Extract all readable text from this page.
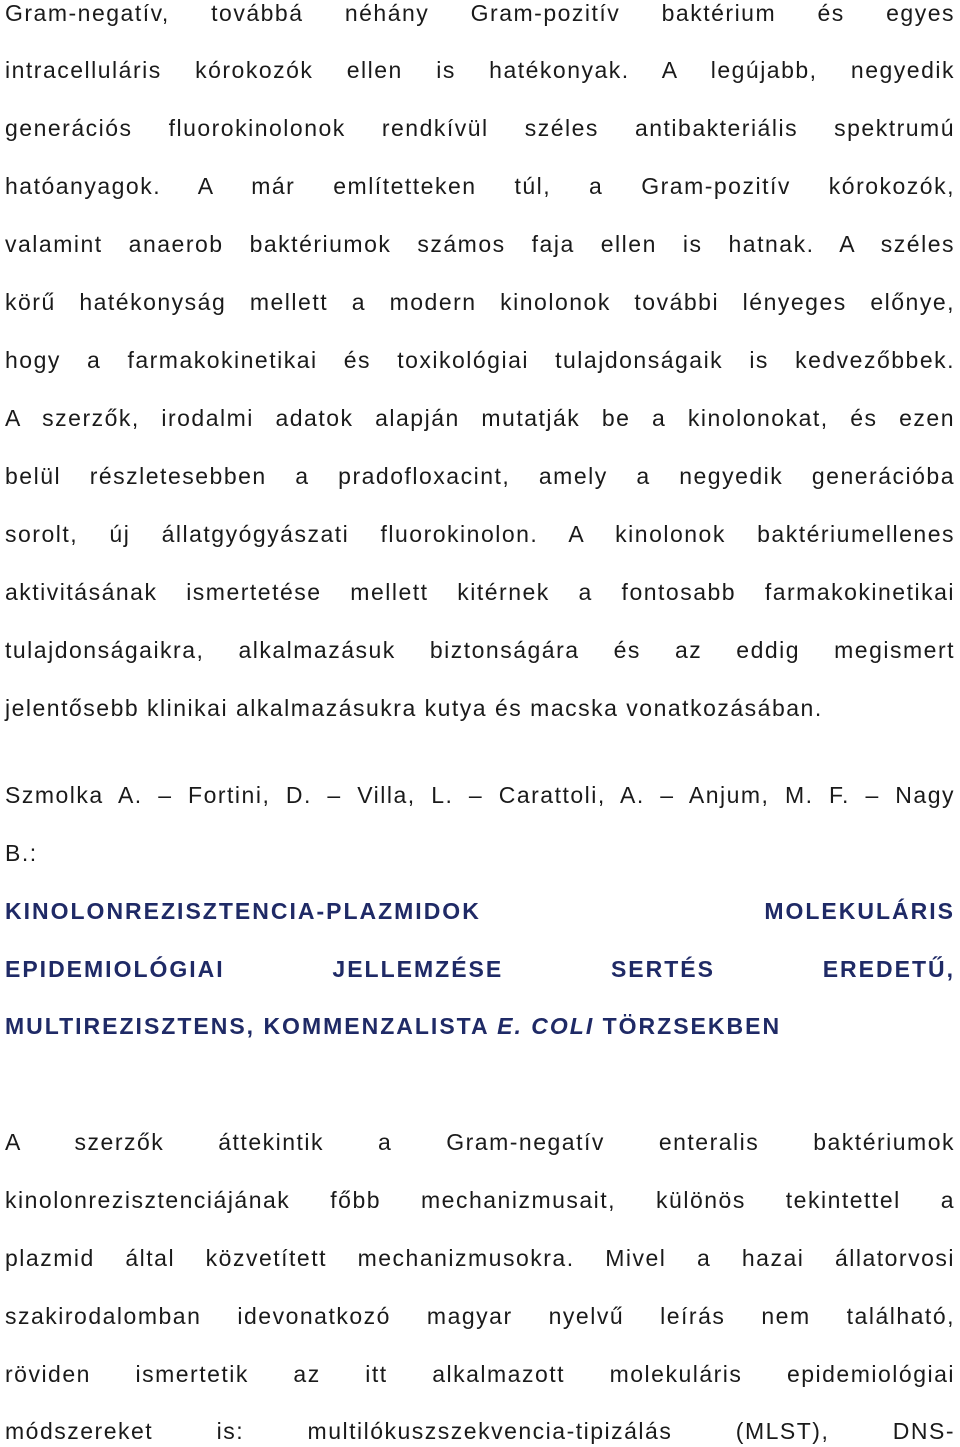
Gram-negatív, továbbá néhány Gram-pozitív baktérium és egyes
intracelluláris kórokozók ellen is hatékonyak. A legújabb, negyedik
generációs fluorokinolonok rendkívül széles antibakteriális spektrumú
hatóanyagok. A már említetteken túl, a Gram-pozitív kórokozók,
valamint anaerob baktériumok számos faja ellen is hatnak. A széles
körű hatékonyság mellett a modern kinolonok további lényeges előnye,
hogy a farmakokinetikai és toxikológiai tulajdonságaik is kedvezőbbek.
A szerzők, irodalmi adatok alapján mutatják be a kinolonokat, és ezen
belül részletesebben a pradofloxacint, amely a negyedik generációba
sorolt, új állatgyógyászati fluorokinolon. A kinolonok baktériumellenes
aktivitásának ismertetése mellett kitérnek a fontosabb farmakokinetikai
tulajdonságaikra, alkalmazásuk biztonságára és az eddig megismert
jelentősebb klinikai alkalmazásukra kutya és macska vonatkozásában.
Szmolka A. – Fortini, D. – Villa, L. – Carattoli, A. – Anjum, M. F. – Nagy
B.:
KINOLONREZISZTENCIA-PLAZMIDOK MOLEKULÁRIS
EPIDEMIOLÓGIAI JELLEMZÉSE SERTÉS EREDETŰ,
MULTIREZISZTENS, KOMMENZALISTA E. COLI TÖRZSEKBEN
A szerzők áttekintik a Gram-negatív enteralis baktériumok
kinolonrezisztenciájának főbb mechanizmusait, különös tekintettel a
plazmid által közvetített mechanizmusokra. Mivel a hazai állatorvosi
szakirodalomban idevonatkozó magyar nyelvű leírás nem található,
röviden ismertetik az itt alkalmazott molekuláris epidemiológiai
módszereket is: multilókuszszekvencia-tipizálás (MLST), DNS-
